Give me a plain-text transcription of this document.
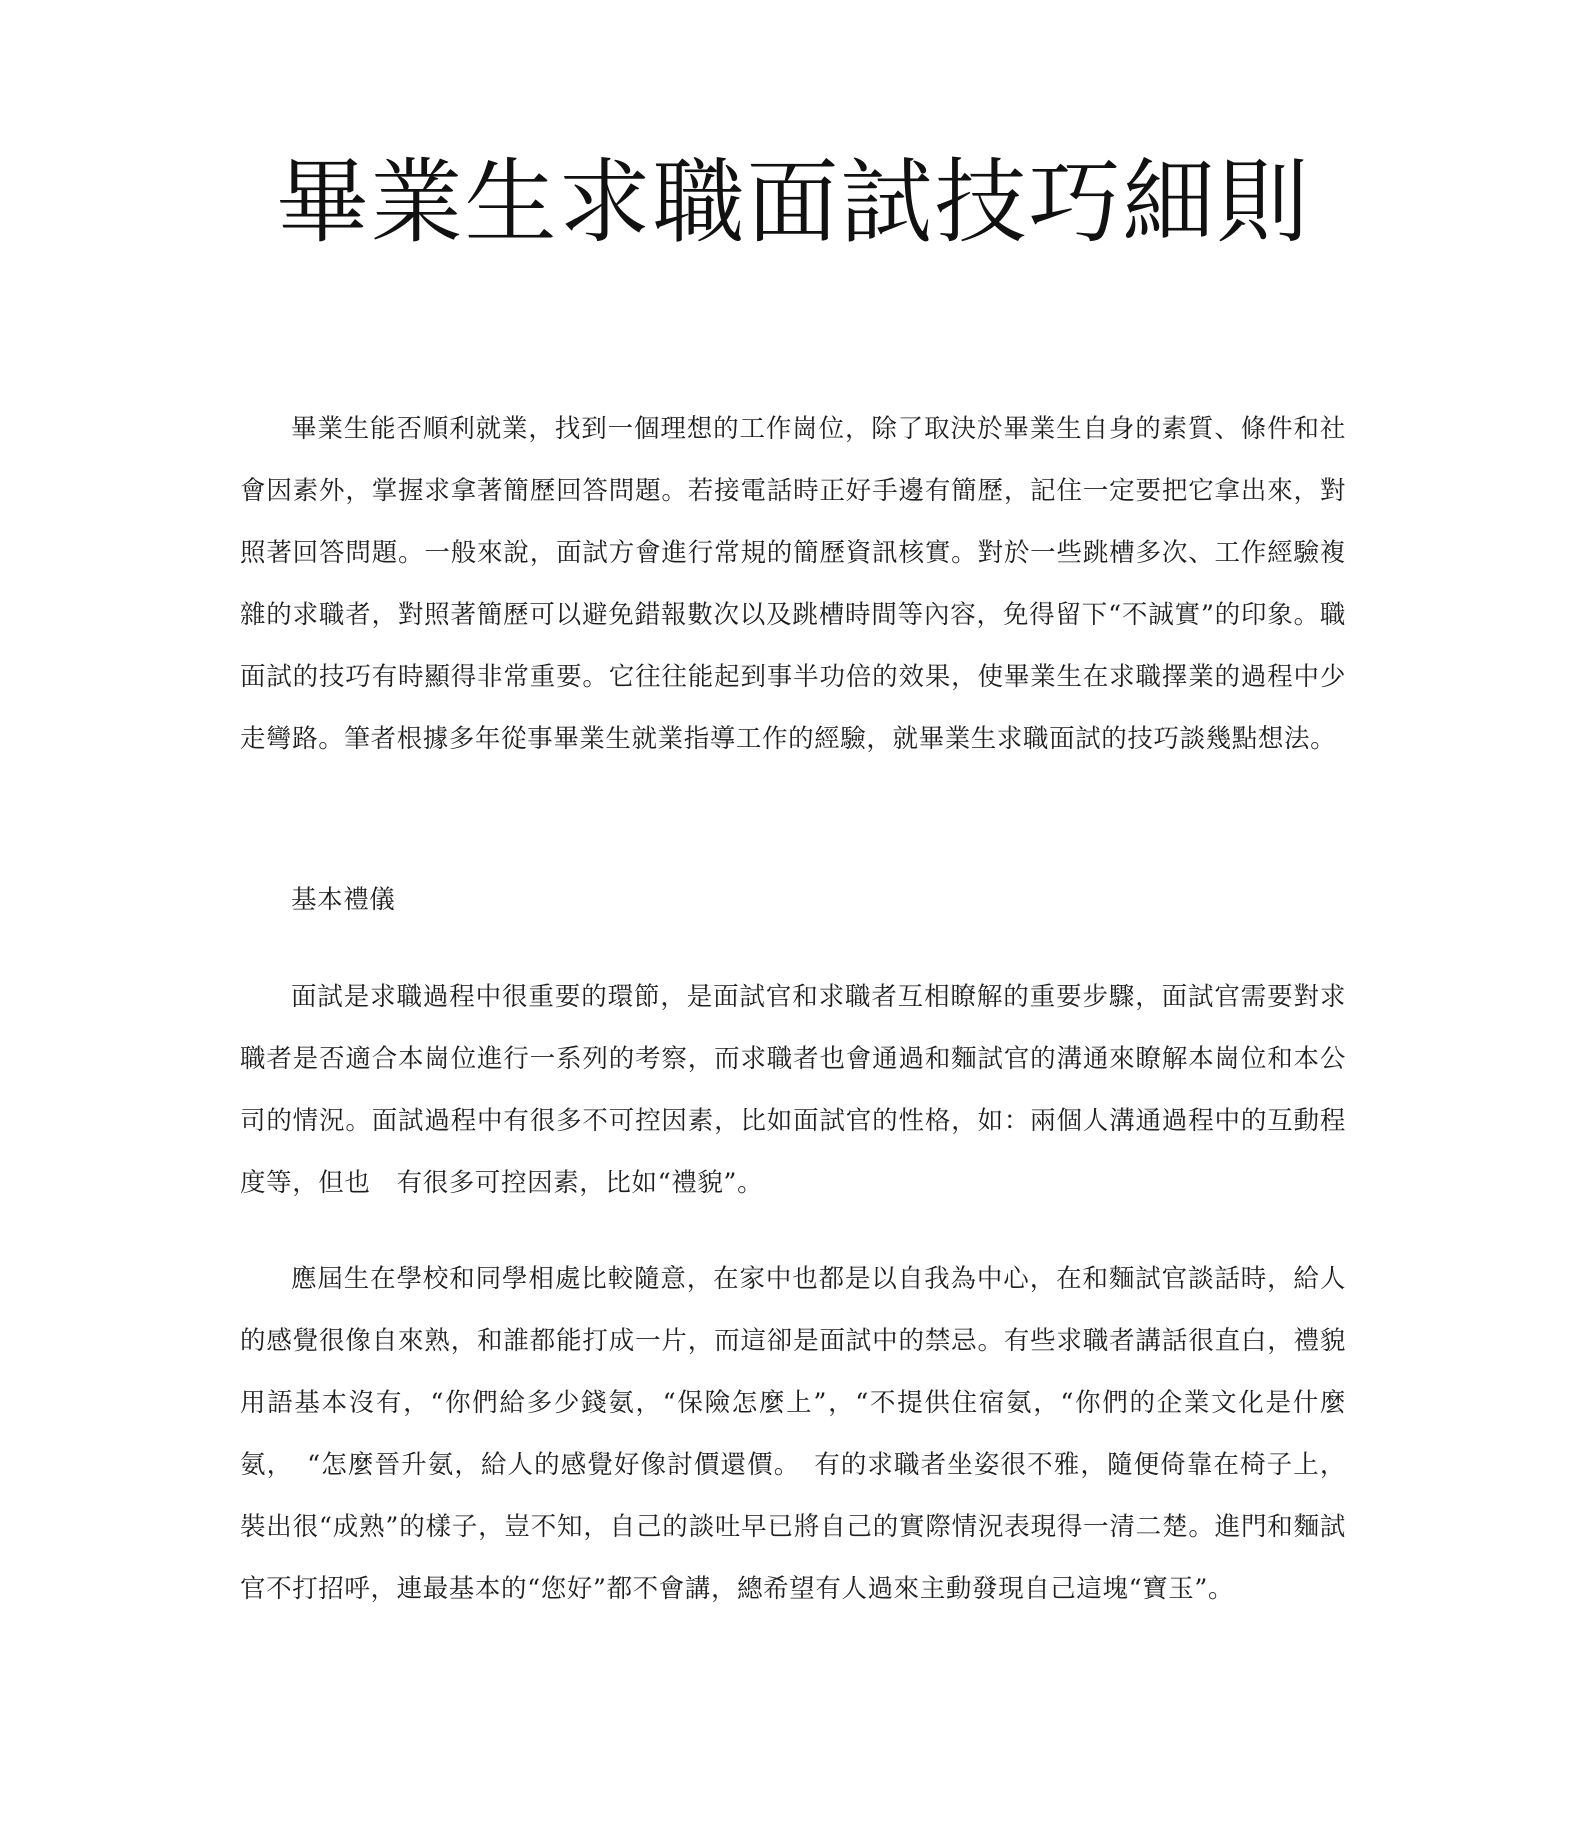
畢業生求職面試技巧細則

畢業生能否順利就業，找到一個理想的工作崗位，除了取決於畢業生自身的素質、條件和社會因素外，掌握求拿著簡歷回答問題。若接電話時正好手邊有簡歷，記住一定要把它拿出來，對照著回答問題。一般來說，面試方會進行常規的簡歷資訊核實。對於一些跳槽多次、工作經驗複雜的求職者，對照著簡歷可以避免錯報數次以及跳槽時間等內容，免得留下“不誠實”的印象。職面試的技巧有時顯得非常重要。它往往能起到事半功倍的效果，使畢業生在求職擇業的過程中少走彎路。筆者根據多年從事畢業生就業指導工作的經驗，就畢業生求職面試的技巧談幾點想法。

基本禮儀

面試是求職過程中很重要的環節，是面試官和求職者互相瞭解的重要步驟，面試官需要對求職者是否適合本崗位進行一系列的考察，而求職者也會通過和麵試官的溝通來瞭解本崗位和本公司的情況。面試過程中有很多不可控因素，比如面試官的性格，如：兩個人溝通過程中的互動程度等，但也　有很多可控因素，比如“禮貌”。

應屆生在學校和同學相處比較隨意，在家中也都是以自我為中心，在和麵試官談話時，給人的感覺很像自來熟，和誰都能打成一片，而這卻是面試中的禁忌。有些求職者講話很直白，禮貌用語基本沒有，“你們給多少錢氨，“保險怎麼上”，“不提供住宿氨，“你們的企業文化是什麼氨，　“怎麼晉升氨，給人的感覺好像討價還價。　有的求職者坐姿很不雅，隨便倚靠在椅子上，裝出很“成熟”的樣子，豈不知，自己的談吐早已將自己的實際情況表現得一清二楚。進門和麵試官不打招呼，連最基本的“您好”都不會講，總希望有人過來主動發現自己這塊“寶玉”。
